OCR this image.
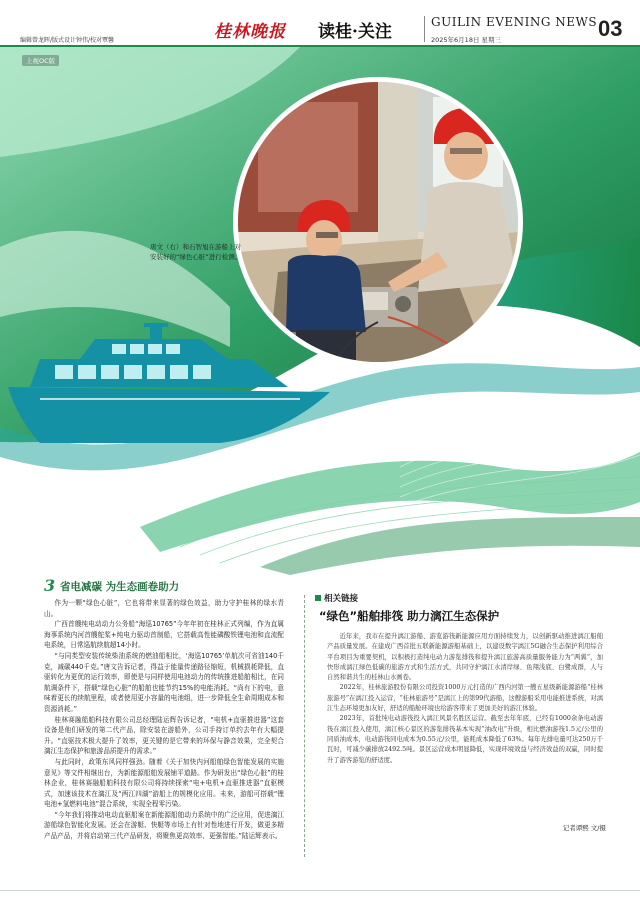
编辑曾龙晖/版式设计钟伟/校对覃馨	桂林晚报 读桂·关注	GUILIN EVENING NEWS
2025年6月18日 星期三	03
上视OC版
唐文（右）和石智旭在游船上对安装好的“绿色心脏”进行检测。
3 省电减碳 为生态画卷助力

作为一颗“绿色心脏”，它也将带来显著的绿色效益，助力守护桂林的绿水青山。

广西首艘纯电动动力公务船“海巡10765”今年年初在桂林正式列编，作为直属海事系统内河首艘舵桨+纯电力驱动首制船，它搭载高性能磷酸铁锂电池和直流配电系统，日常巡航续航超14小时。

“与同类型安装传统柴油系统的燃油船相比，‘海巡10765’单航次可省油140千克，减碳440千克。”唐文告诉记者，得益于能量传递路径缩短，机械损耗降低，直驱转化为更优的运行效率，即使是与同样使用电池动力的传统推进船舶相比，在同航调条件下，搭载“绿色心脏”的船舶也能节约15%的电能消耗。“尚有下的电，意味着更长的续航里程，或者使用更小容量的电池组，进一步降低全生命周期成本和资源消耗。”

桂林赛融船舶科技有限公司总经理陆运辉告诉记者，“电机+直驱推进器”这套设备是他们研发的第二代产品，除安装在游船外，公司手持订单约去年有大幅提升。“直驱技术极大提升了效率，更关键的是它带来的环保与静音效果，完全契合漓江生态保护和旅游品质提升的需求。”

与此同时，政策东风同样强劲。随着《关于加快内河船舶绿色智能发展的实施意见》等文件相继出台，为新能源船舶发展铺平道路。作为研发出“绿色心脏”的桂林企业，桂林赛融船舶科技有限公司将持续探索“电+电机+直驱推进器”直驱模式，加速该技术在漓江及“两江四湖”游船上的规模化应用。未来，游船可搭载“锂电池+氢燃料电池”混合系统，实现全程零污染。

“今年我们将推动电动直驱船案在新能源船舶动力系统中的广泛应用，促进漓江游船绿色智能化发展。还会在游艇、快艇等市场上有针对性地进行开发，做更多精产品产品，并将启动第三代产品研发，将聚焦更高效率、更强智能。”陆运辉表示。

相关链接
“绿色”船舶排筏 助力漓江生态保护

近年来，我市在提升漓江游船、游览游筏新能源应用方面持续发力，以创新驱动推进漓江船舶产品质量发展。在建成广西首批五联新能源游船基础上，以建设数字漓江5G融合生态保护利用综合平台项目为重要契机，以积极打造纯电动力游览排筏和提升漓江旅游高质量服务能力为“两翼”，加快形成漓江绿色低碳的旅游方式和生活方式，共同守护漓江水清岸绿、鱼翔浅底、白鹭成群，人与自然和谐共生的桂林山水画卷。

2022年，桂林旅游股份有限公司投资1000万元打造的广西内河第一艘五星级新能源游船“桂林旅游号”在漓江投入运营，“桂林旅游号”是漓江上的第99代游船，这艘游船采用电能推进系统，对漓江生态环境更加友好，舒适的船舱环境也给游客带来了更加美好的游江体验。

2023年，首批纯电动游筏投入漓江风景名胜区运营。截至去年年底，已经有1000余条电动游筏在漓江投入使用，漓江核心景区的游览排筏基本实现“油改电”升级，相比燃油游筏1.5元/公里的同质油成本，电动游筏同电成本为0.55元/公里，能耗成本降低了63%。每年光排电量可达250万千瓦时，可减少碳排放2492.5吨。景区运营成本明显降低，实现环境效益与经济效益的双赢，同时提升了游客游览的舒适度。

记者谭熙 文/摄
